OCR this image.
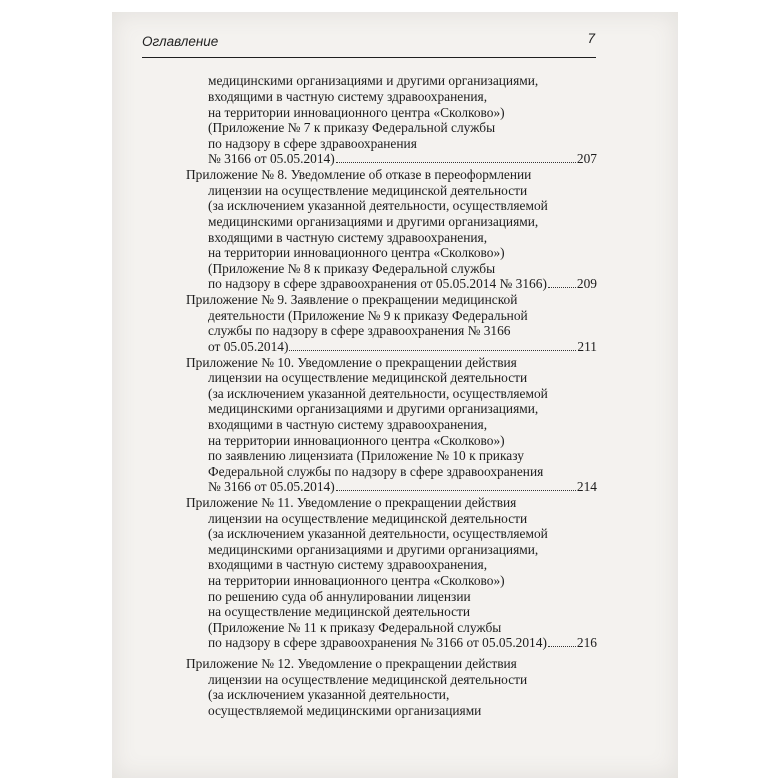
Оглавление	7
медицинскими организациями и другими организациями,
входящими в частную систему здравоохранения,
на территории инновационного центра «Сколково»)
(Приложение № 7 к приказу Федеральной службы
по надзору в сфере здравоохранения
№ 3166 от 05.05.2014)	207
Приложение № 8. Уведомление об отказе в переоформлении
лицензии на осуществление медицинской деятельности
(за исключением указанной деятельности, осуществляемой
медицинскими организациями и другими организациями,
входящими в частную систему здравоохранения,
на территории инновационного центра «Сколково»)
(Приложение № 8 к приказу Федеральной службы
по надзору в сфере здравоохранения от 05.05.2014 № 3166) 209
Приложение № 9. Заявление о прекращении медицинской
деятельности (Приложение № 9 к приказу Федеральной
службы по надзору в сфере здравоохранения № 3166
от 05.05.2014)	211
Приложение № 10. Уведомление о прекращении действия
лицензии на осуществление медицинской деятельности
(за исключением указанной деятельности, осуществляемой
медицинскими организациями и другими организациями,
входящими в частную систему здравоохранения,
на территории инновационного центра «Сколково»)
по заявлению лицензиата (Приложение № 10 к приказу
Федеральной службы по надзору в сфере здравоохранения
№ 3166 от 05.05.2014)	214
Приложение № 11. Уведомление о прекращении действия
лицензии на осуществление медицинской деятельности
(за исключением указанной деятельности, осуществляемой
медицинскими организациями и другими организациями,
входящими в частную систему здравоохранения,
на территории инновационного центра «Сколково»)
по решению суда об аннулировании лицензии
на осуществление медицинской деятельности
(Приложение № 11 к приказу Федеральной службы
по надзору в сфере здравоохранения № 3166 от 05.05.2014) 216
Приложение № 12. Уведомление о прекращении действия
лицензии на осуществление медицинской деятельности
(за исключением указанной деятельности,
осуществляемой медицинскими организациями
